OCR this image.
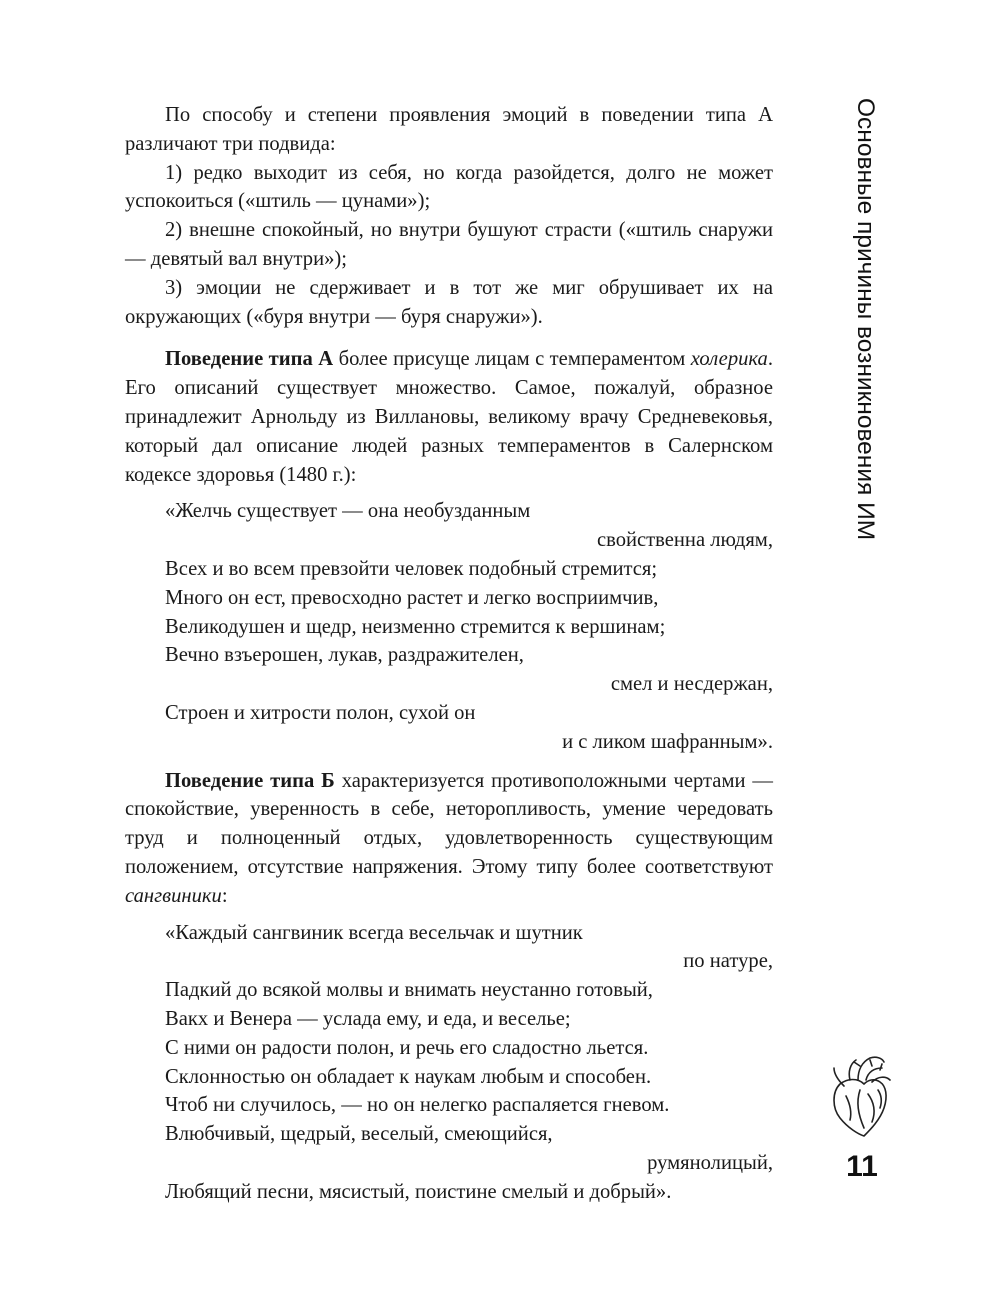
По способу и степени проявления эмоций в поведении типа А различают три подвида:

1) редко выходит из себя, но когда разойдется, долго не может успокоиться («штиль — цунами»);

2) внешне спокойный, но внутри бушуют страсти («штиль снаружи — девятый вал внутри»);

3) эмоции не сдерживает и в тот же миг обрушивает их на окружающих («буря внутри — буря снаружи»).

Поведение типа А более присуще лицам с темпераментом холерика. Его описаний существует множество. Самое, пожалуй, образное принадлежит Арнольду из Виллановы, великому врачу Средневековья, который дал описание людей разных темпераментов в Салернском кодексе здоровья (1480 г.):

«Желчь существует — она необузданным
свойственна людям,
Всех и во всем превзойти человек подобный стремится;
Много он ест, превосходно растет и легко восприимчив,
Великодушен и щедр, неизменно стремится к вершинам;
Вечно взъерошен, лукав, раздражителен,
смел и несдержан,
Строен и хитрости полон, сухой он
и с ликом шафранным».

Поведение типа Б характеризуется противоположными чертами — спокойствие, уверенность в себе, неторопливость, умение чередовать труд и полноценный отдых, удовлетворенность существующим положением, отсутствие напряжения. Этому типу более соответствуют сангвиники:

«Каждый сангвиник всегда весельчак и шутник
по натуре,
Падкий до всякой молвы и внимать неустанно готовый,
Вакх и Венера — услада ему, и еда, и веселье;
С ними он радости полон, и речь его сладостно льется.
Склонностью он обладает к наукам любым и способен.
Чтоб ни случилось, — но он нелегко распаляется гневом.
Влюбчивый, щедрый, веселый, смеющийся,
румянолицый,
Любящий песни, мясистый, поистине смелый и добрый».
Основные причины возникновения ИМ
11
